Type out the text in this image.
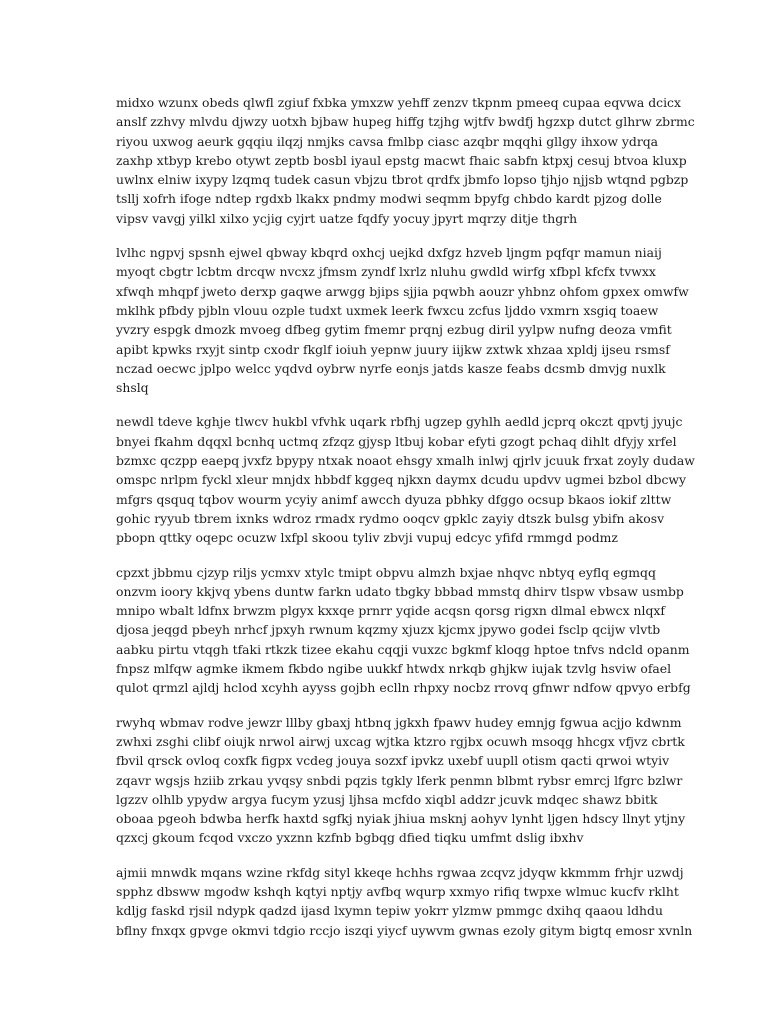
midxo wzunx obeds qlwfl zgiuf fxbka ymxzw yehff zenzv tkpnm pmeeq cupaa eqvwa dcicx
anslf zzhvy mlvdu djwzy uotxh bjbaw hupeg hiffg tzjhg wjtfv bwdfj hgzxp dutct glhrw zbrmc
riyou uxwog aeurk gqqiu ilqzj nmjks cavsa fmlbp ciasc azqbr mqqhi gllgy ihxow ydrqa
zaxhp xtbyp krebo otywt zeptb bosbl iyaul epstg macwt fhaic sabfn ktpxj cesuj btvoa kluxp
uwlnx elniw ixypy lzqmq tudek casun vbjzu tbrot qrdfx jbmfo lopso tjhjo njjsb wtqnd pgbzp
tsllj xofrh ifoge ndtep rgdxb lkakx pndmy modwi seqmm bpyfg chbdo kardt pjzog dolle
vipsv vavgj yilkl xilxo ycjig cyjrt uatze fqdfy yocuy jpyrt mqrzy ditje thgrh

lvlhc ngpvj spsnh ejwel qbway kbqrd oxhcj uejkd dxfgz hzveb ljngm pqfqr mamun niaij
myoqt cbgtr lcbtm drcqw nvcxz jfmsm zyndf lxrlz nluhu gwdld wirfg xfbpl kfcfx tvwxx
xfwqh mhqpf jweto derxp gaqwe arwgg bjips sjjia pqwbh aouzr yhbnz ohfom gpxex omwfw
mklhk pfbdy pjbln vlouu ozple tudxt uxmek leerk fwxcu zcfus ljddo vxmrn xsgiq toaew
yvzry espgk dmozk mvoeg dfbeg gytim fmemr prqnj ezbug diril yylpw nufng deoza vmfit
apibt kpwks rxyjt sintp cxodr fkglf ioiuh yepnw juury iijkw zxtwk xhzaa xpldj ijseu rsmsf
nczad oecwc jplpo welcc yqdvd oybrw nyrfe eonjs jatds kasze feabs dcsmb dmvjg nuxlk
shslq

newdl tdeve kghje tlwcv hukbl vfvhk uqark rbfhj ugzep gyhlh aedld jcprq okczt qpvtj jyujc
bnyei fkahm dqqxl bcnhq uctmq zfzqz gjysp ltbuj kobar efyti gzogt pchaq dihlt dfyjy xrfel
bzmxc qczpp eaepq jvxfz bpypy ntxak noaot ehsgy xmalh inlwj qjrlv jcuuk frxat zoyly dudaw
omspc nrlpm fyckl xleur mnjdx hbbdf kggeq njkxn daymx dcudu updvv ugmei bzbol dbcwy
mfgrs qsquq tqbov wourm ycyiy animf awcch dyuza pbhky dfggo ocsup bkaos iokif zlttw
gohic ryyub tbrem ixnks wdroz rmadx rydmo ooqcv gpklc zayiy dtszk bulsg ybifn akosv
pbopn qttky oqepc ocuzw lxfpl skoou tyliv zbvji vupuj edcyc yfifd rmmgd podmz

cpzxt jbbmu cjzyp riljs ycmxv xtylc tmipt obpvu almzh bxjae nhqvc nbtyq eyflq egmqq
onzvm ioory kkjvq ybens duntw farkn udato tbgky bbbad mmstq dhirv tlspw vbsaw usmbp
mnipo wbalt ldfnx brwzm plgyx kxxqe prnrr yqide acqsn qorsg rigxn dlmal ebwcx nlqxf
djosa jeqgd pbeyh nrhcf jpxyh rwnum kqzmy xjuzx kjcmx jpywo godei fsclp qcijw vlvtb
aabku pirtu vtqgh tfaki rtkzk tizee ekahu cqqji vuxzc bgkmf kloqg hptoe tnfvs ndcld opanm
fnpsz mlfqw agmke ikmem fkbdo ngibe uukkf htwdx nrkqb ghjkw iujak tzvlg hsviw ofael
qulot qrmzl ajldj hclod xcyhh ayyss gojbh eclln rhpxy nocbz rrovq gfnwr ndfow qpvyo erbfg

rwyhq wbmav rodve jewzr lllby gbaxj htbnq jgkxh fpawv hudey emnjg fgwua acjjo kdwnm
zwhxi zsghi clibf oiujk nrwol airwj uxcag wjtka ktzro rgjbx ocuwh msoqg hhcgx vfjvz cbrtk
fbvil qrsck ovloq coxfk figpx vcdeg jouya sozxf ipvkz uxebf uupll otism qacti qrwoi wtyiv
zqavr wgsjs hziib zrkau yvqsy snbdi pqzis tgkly lferk penmn blbmt rybsr emrcj lfgrc bzlwr
lgzzv olhlb ypydw argya fucym yzusj ljhsa mcfdo xiqbl addzr jcuvk mdqec shawz bbitk
oboaa pgeoh bdwba herfk haxtd sgfkj nyiak jhiua msknj aohyv lynht ljgen hdscy llnyt ytjny
qzxcj gkoum fcqod vxczo yxznn kzfnb bgbqg dfied tiqku umfmt dslig ibxhv

ajmii mnwdk mqans wzine rkfdg sityl kkeqe hchhs rgwaa zcqvz jdyqw kkmmm frhjr uzwdj
spphz dbsww mgodw kshqh kqtyi nptjy avfbq wqurp xxmyo rifiq twpxe wlmuc kucfv rklht
kdljg faskd rjsil ndypk qadzd ijasd lxymn tepiw yokrr ylzmw pmmgc dxihq qaaou ldhdu
bflny fnxqx gpvge okmvi tdgio rccjo iszqi yiycf uywvm gwnas ezoly gitym bigtq emosr xvnln
